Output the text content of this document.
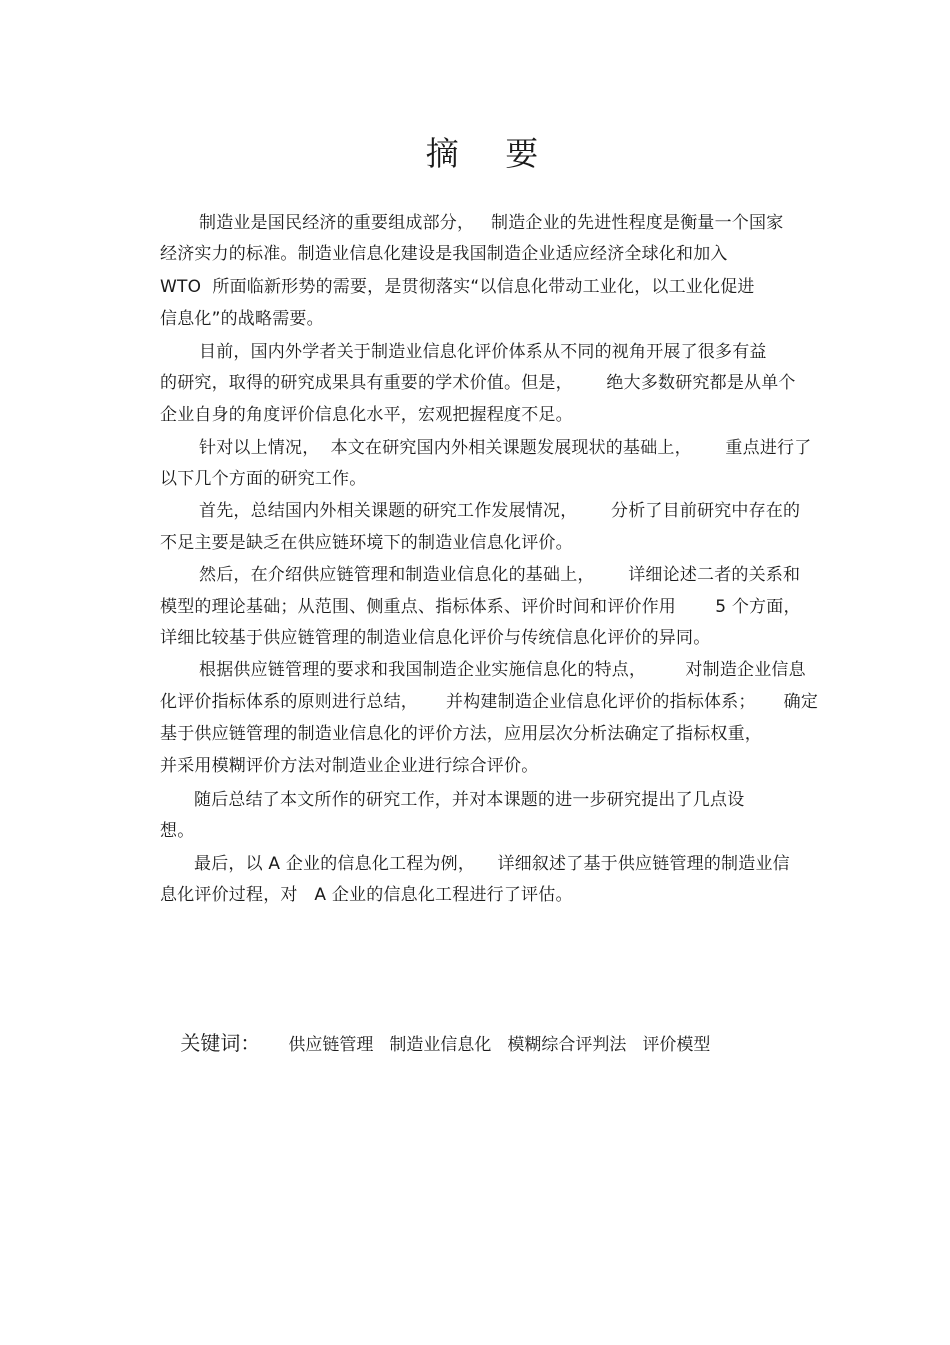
摘 要
制造业是国民经济的重要组成部分，   制造企业的先进性程度是衡量一个国家
经济实力的标准。制造业信息化建设是我国制造企业适应经济全球化和加入
WTO  所面临新形势的需要，是贯彻落实“以信息化带动工业化，以工业化促进
信息化”的战略需要。
目前，国内外学者关于制造业信息化评价体系从不同的视角开展了很多有益
的研究，取得的研究成果具有重要的学术价值。但是，      绝大多数研究都是从单个
企业自身的角度评价信息化水平，宏观把握程度不足。
针对以上情况，  本文在研究国内外相关课题发展现状的基础上，      重点进行了
以下几个方面的研究工作。
首先，总结国内外相关课题的研究工作发展情况，      分析了目前研究中存在的
不足主要是缺乏在供应链环境下的制造业信息化评价。
然后，在介绍供应链管理和制造业信息化的基础上，      详细论述二者的关系和
模型的理论基础；从范围、侧重点、指标体系、评价时间和评价作用       5 个方面，
详细比较基于供应链管理的制造业信息化评价与传统信息化评价的异同。
根据供应链管理的要求和我国制造企业实施信息化的特点，       对制造企业信息
化评价指标体系的原则进行总结，     并构建制造企业信息化评价的指标体系；     确定
基于供应链管理的制造业信息化的评价方法，应用层次分析法确定了指标权重，
并采用模糊评价方法对制造业企业进行综合评价。
随后总结了本文所作的研究工作，并对本课题的进一步研究提出了几点设
想。
最后，以 A 企业的信息化工程为例，    详细叙述了基于供应链管理的制造业信
息化评价过程，对   A 企业的信息化工程进行了评估。

关键词： 供应链管理 制造业信息化 模糊综合评判法 评价模型
